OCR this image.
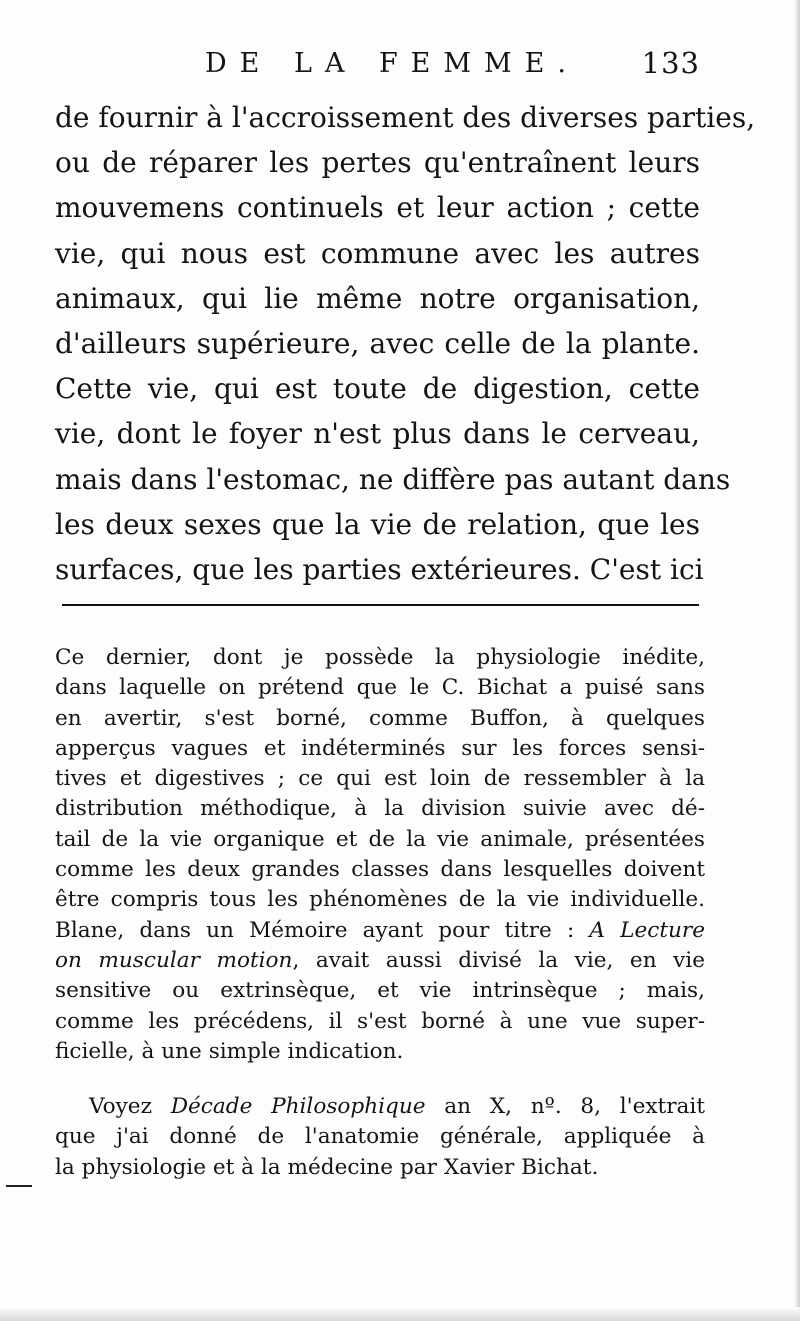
DE LA FEMME. 133
de fournir à l'accroissement des diverses parties,
ou de réparer les pertes qu'entraînent leurs
mouvemens continuels et leur action ; cette
vie, qui nous est commune avec les autres
animaux, qui lie même notre organisation,
d'ailleurs supérieure, avec celle de la plante.
Cette vie, qui est toute de digestion, cette
vie, dont le foyer n'est plus dans le cerveau,
mais dans l'estomac, ne diffère pas autant dans
les deux sexes que la vie de relation, que les
surfaces, que les parties extérieures. C'est ici
Ce dernier, dont je possède la physiologie inédite,
dans laquelle on prétend que le C. Bichat a puisé sans
en avertir, s'est borné, comme Buffon, à quelques
apperçus vagues et indéterminés sur les forces sensi-
tives et digestives ; ce qui est loin de ressembler à la
distribution méthodique, à la division suivie avec dé-
tail de la vie organique et de la vie animale, présentées
comme les deux grandes classes dans lesquelles doivent
être compris tous les phénomènes de la vie individuelle.
Blane, dans un Mémoire ayant pour titre : A Lecture
on muscular motion, avait aussi divisé la vie, en vie
sensitive ou extrinsèque, et vie intrinsèque ; mais,
comme les précédens, il s'est borné à une vue super-
ficielle, à une simple indication.
Voyez Décade Philosophique an X, nº. 8, l'extrait
que j'ai donné de l'anatomie générale, appliquée à
la physiologie et à la médecine par Xavier Bichat.
